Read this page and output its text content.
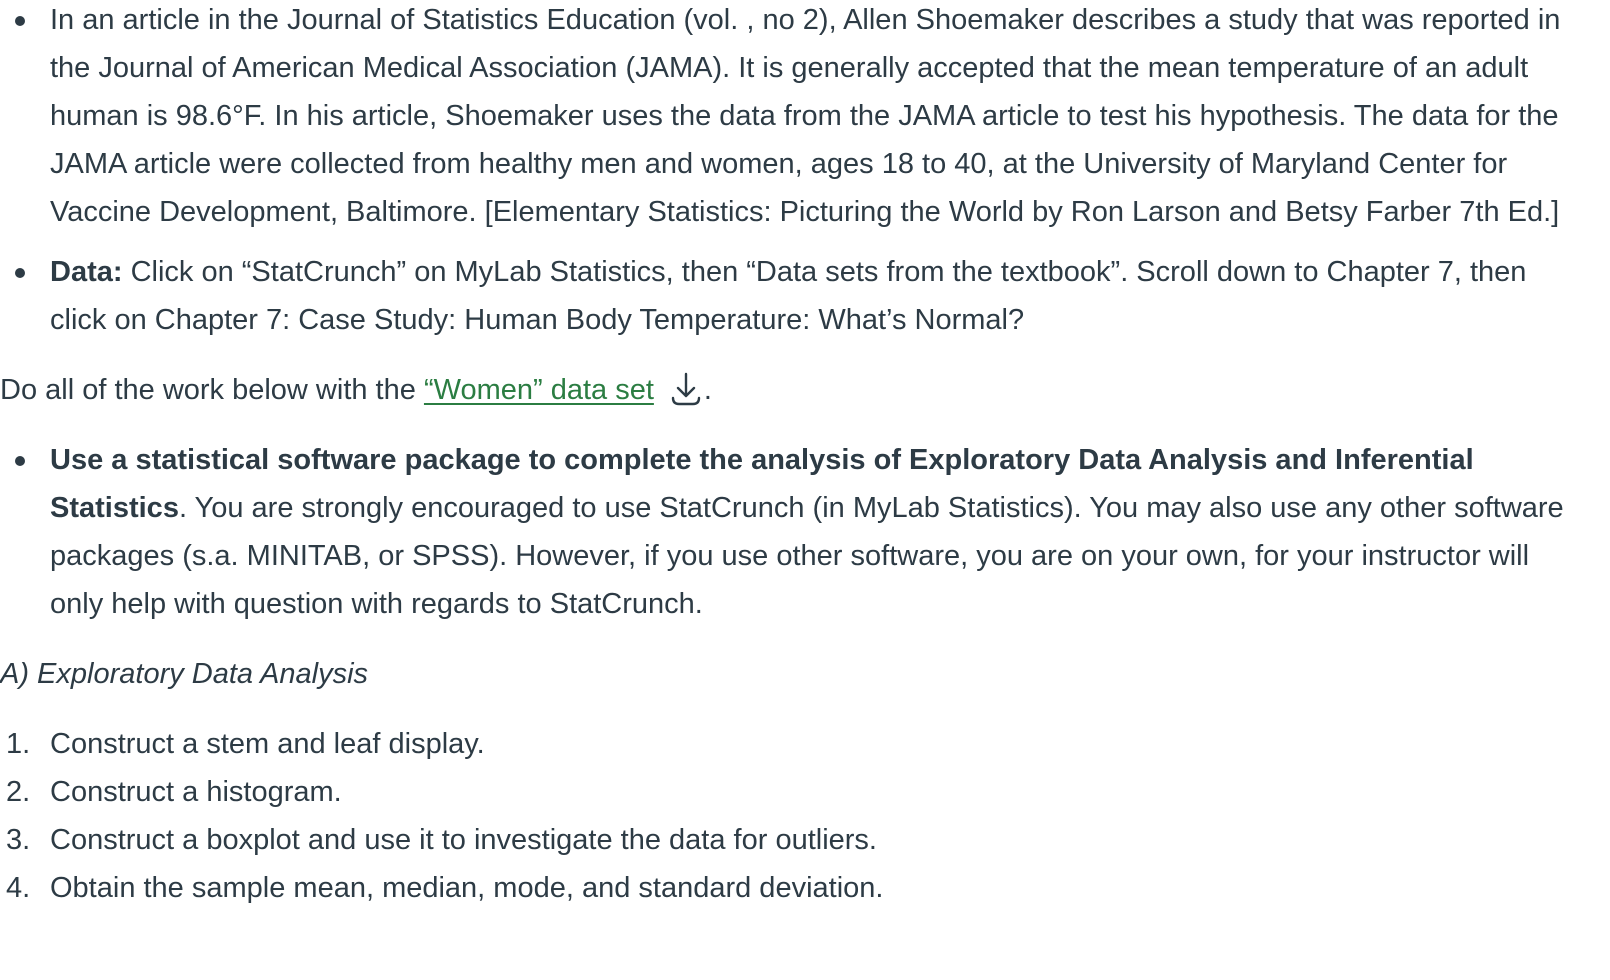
In an article in the Journal of Statistics Education (vol. , no 2), Allen Shoemaker describes a study that was reported in the Journal of American Medical Association (JAMA). It is generally accepted that the mean temperature of an adult human is 98.6°F. In his article, Shoemaker uses the data from the JAMA article to test his hypothesis. The data for the JAMA article were collected from healthy men and women, ages 18 to 40, at the University of Maryland Center for Vaccine Development, Baltimore. [Elementary Statistics: Picturing the World by Ron Larson and Betsy Farber 7th Ed.]
Data: Click on “StatCrunch” on MyLab Statistics, then “Data sets from the textbook”. Scroll down to Chapter 7, then click on Chapter 7: Case Study: Human Body Temperature: What’s Normal?

Do all of the work below with the “Women” data set .

Use a statistical software package to complete the analysis of Exploratory Data Analysis and Inferential Statistics. You are strongly encouraged to use StatCrunch (in MyLab Statistics). You may also use any other software packages (s.a. MINITAB, or SPSS). However, if you use other software, you are on your own, for your instructor will only help with question with regards to StatCrunch.

A) Exploratory Data Analysis

1. Construct a stem and leaf display.
2. Construct a histogram.
3. Construct a boxplot and use it to investigate the data for outliers.
4. Obtain the sample mean, median, mode, and standard deviation.
